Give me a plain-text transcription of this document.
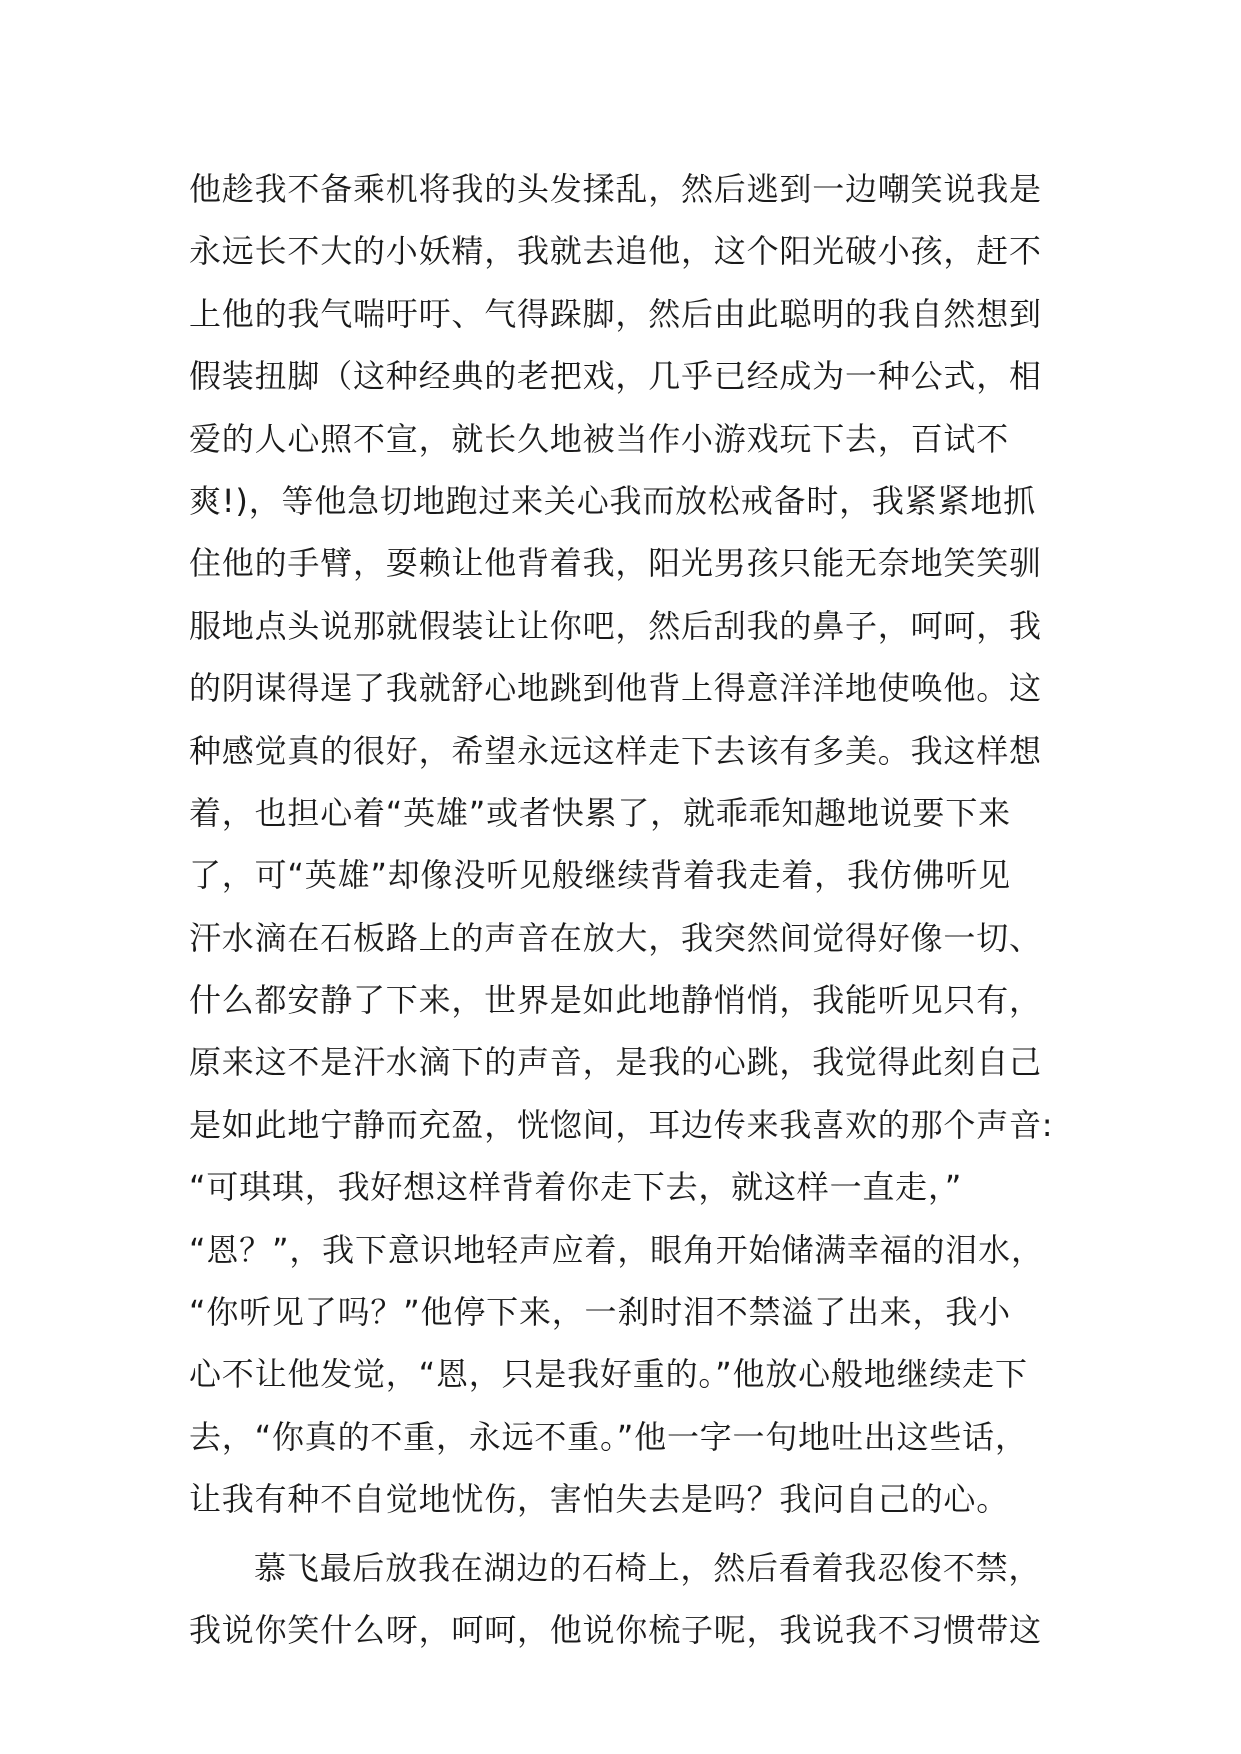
他趁我不备乘机将我的头发揉乱，然后逃到一边嘲笑说我是
永远长不大的小妖精，我就去追他，这个阳光破小孩，赶不
上他的我气喘吁吁、气得跺脚，然后由此聪明的我自然想到
假装扭脚（这种经典的老把戏，几乎已经成为一种公式，相
爱的人心照不宣，就长久地被当作小游戏玩下去，百试不
爽!)，等他急切地跑过来关心我而放松戒备时，我紧紧地抓
住他的手臂，耍赖让他背着我，阳光男孩只能无奈地笑笑驯
服地点头说那就假装让让你吧，然后刮我的鼻子，呵呵，我
的阴谋得逞了我就舒心地跳到他背上得意洋洋地使唤他。这
种感觉真的很好，希望永远这样走下去该有多美。我这样想
着，也担心着“英雄”或者快累了，就乖乖知趣地说要下来
了，可“英雄”却像没听见般继续背着我走着，我仿佛听见
汗水滴在石板路上的声音在放大，我突然间觉得好像一切、
什么都安静了下来，世界是如此地静悄悄，我能听见只有，
原来这不是汗水滴下的声音，是我的心跳，我觉得此刻自己
是如此地宁静而充盈，恍惚间，耳边传来我喜欢的那个声音:
“可琪琪，我好想这样背着你走下去，就这样一直走，”
“恩？”，我下意识地轻声应着，眼角开始储满幸福的泪水，
“你听见了吗？”他停下来，一刹时泪不禁溢了出来，我小
心不让他发觉，“恩，只是我好重的。”他放心般地继续走下
去，“你真的不重，永远不重。”他一字一句地吐出这些话，
让我有种不自觉地忧伤，害怕失去是吗？我问自己的心。
慕飞最后放我在湖边的石椅上，然后看着我忍俊不禁，
我说你笑什么呀，呵呵，他说你梳子呢，我说我不习惯带这
